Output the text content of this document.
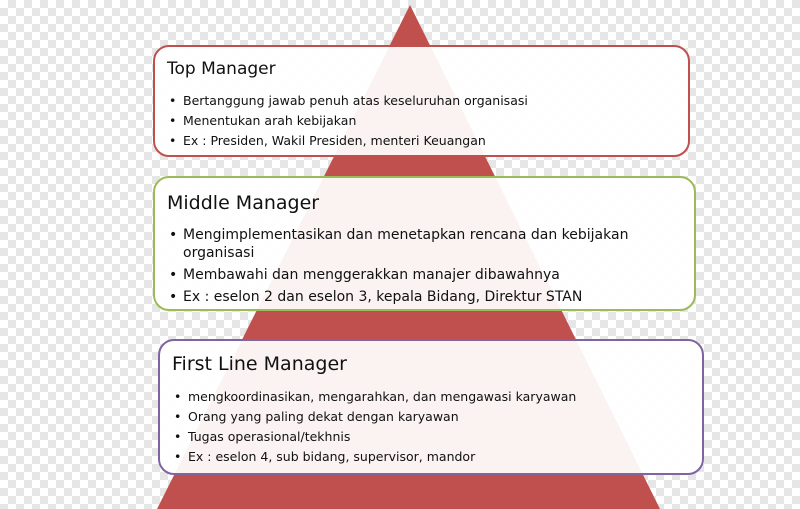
Top Manager
• Bertanggung jawab penuh atas keseluruhan organisasi
• Menentukan arah kebijakan
• Ex : Presiden, Wakil Presiden, menteri Keuangan
Middle Manager
• Mengimplementasikan dan menetapkan rencana dan kebijakan organisasi
• Membawahi dan menggerakkan manajer dibawahnya
• Ex : eselon 2 dan eselon 3, kepala Bidang, Direktur STAN
First Line Manager
• mengkoordinasikan, mengarahkan, dan mengawasi karyawan
• Orang yang paling dekat dengan karyawan
• Tugas operasional/tekhnis
• Ex : eselon 4, sub bidang, supervisor, mandor
